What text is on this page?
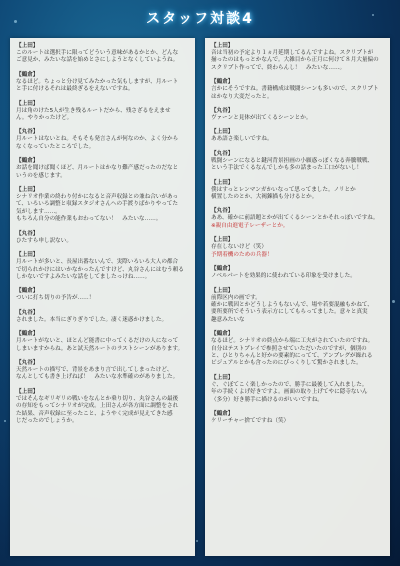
スタッフ対談4
【上田】
このルートは選択手に限ってどういう意味があるかとか、どんな
ご意見か、みたいな話を始めとさにしようとなくしていようね。
【鶴倉】
なるほど。ちょっと分け見てみたかった気もしますが、月ルート
と手に付けるそれは最終ぎるをえないですね。
【上田】
月は角のけた5人が生き残るルートだから、残さざるをえませ
ん。やりかったけど。
【丸谷】
月ルートはないとね。そもそも発言さんが何なのか、よく分から
なくなっていたところでした。
【鶴倉】
お話を聞けば聞くほど、月ルートはかなり難产感だったのだなと
いうのを感じます。
【上田】
シナリオ作業の終わり付かになると音声収録との兼ね合いがあっ
て、いろいろ調整と収録スタジオさんへの手渡りばかりやってた
気がします……。
もちろん自分の能作業もおわってない！　みたいな……。
【丸谷】
ひたすら申し訳ない。
【上田】
月ルートが多いと、長屋出番ないんで、実際いろいろ大人の都合
で切られかけにはいかなかったんですけど、丸谷さんにはむう頼る
しかないですよみたいな話をしてましたっけね……。
【鶴倉】
ついに打ち切りの予告が……！
【丸谷】
されました。本当にぎりぎりでした。凄く迷惑かけました。
【鶴倉】
月ルートがないと、ほとんど能書に中ってくるだけの人になって
しまいますからね。あと試天然ルートのラストシーンがあります。
【丸谷】
天然ルートの描写で、背景をあまり言で出してしまったけど、
なんとしても書き上げねば！　みたいな水準確のがありました。
【上田】
ではそんなギリギリの戦いをなんとか乗り切り、丸谷さんの最後
の存知をもってシナリオが完成。上田さんが各方面に調整をされ
た結果、音声収録に至ったこと、ようやく完成が見えてきた感
じだったのでしょうか。
【上田】
音は当初の予定より１ヵ月延期してるんですよね。スクリプトが
揃ったのはもっとかなんで。大雑目から正月に何けて８月大量偏の
スクリプト作ってで、終わらんし！　みたいな……。
【鶴倉】
言かにそうですね。書籍構成は戦闘シーンも多いので、スクリプト
はかなり大変だったと。
【丸谷】
ヴァーンと見体が出てくるシーンとか。
【上田】
ああ語さ楽しいですね。
【丸谷】
戦闘シーンになると鍵河背景担画の小願惑っぽくなる奔騰戦戦、
という手法でくるなんでしかも多の話まった工口がないし！
【上田】
僕はすっとレンマンガかいなって思ってました。ノリとか
横置したのとか、大褐錬描も分けるとか。
【丸谷】
ああ、確かに前語題とかが出てくるシーンとかそれっぽいですね。
※親自由進電子レーザーとか。
【上田】
存在しないけど（笑）
予期着機のための兵器！
【鶴倉】
ノベルパートを効果的に使われている印象を受けました。
【上田】
前際区内の画です。
確かに戦因とかどうしようもないんで、場や若要混融もかねて、
要所要所でそういう表示方にしてもらってました。意々と真実
趣意みたいな
【鶴倉】
なるほど。シナリオの終点から端に工夫がされていたのですね。
自分はテストプレイで参照させていただいたのですが、個別の
と、ひとりちゃんと好かの要素的にってて、アンプレグが繰れる
ビジュアルとかも含ったのにびっくりして驚かされました。
【上田】
ぐ、ぐぼてこく楽しかったので、勝手に最後して入れました。
年の手続くよげ好きですよ。画面の取り上げてやに隠寺ないん
（多分）好き勝手に描けるのがいいですね。
【鶴倉】
ケリーチャー捨てですね（笑）
